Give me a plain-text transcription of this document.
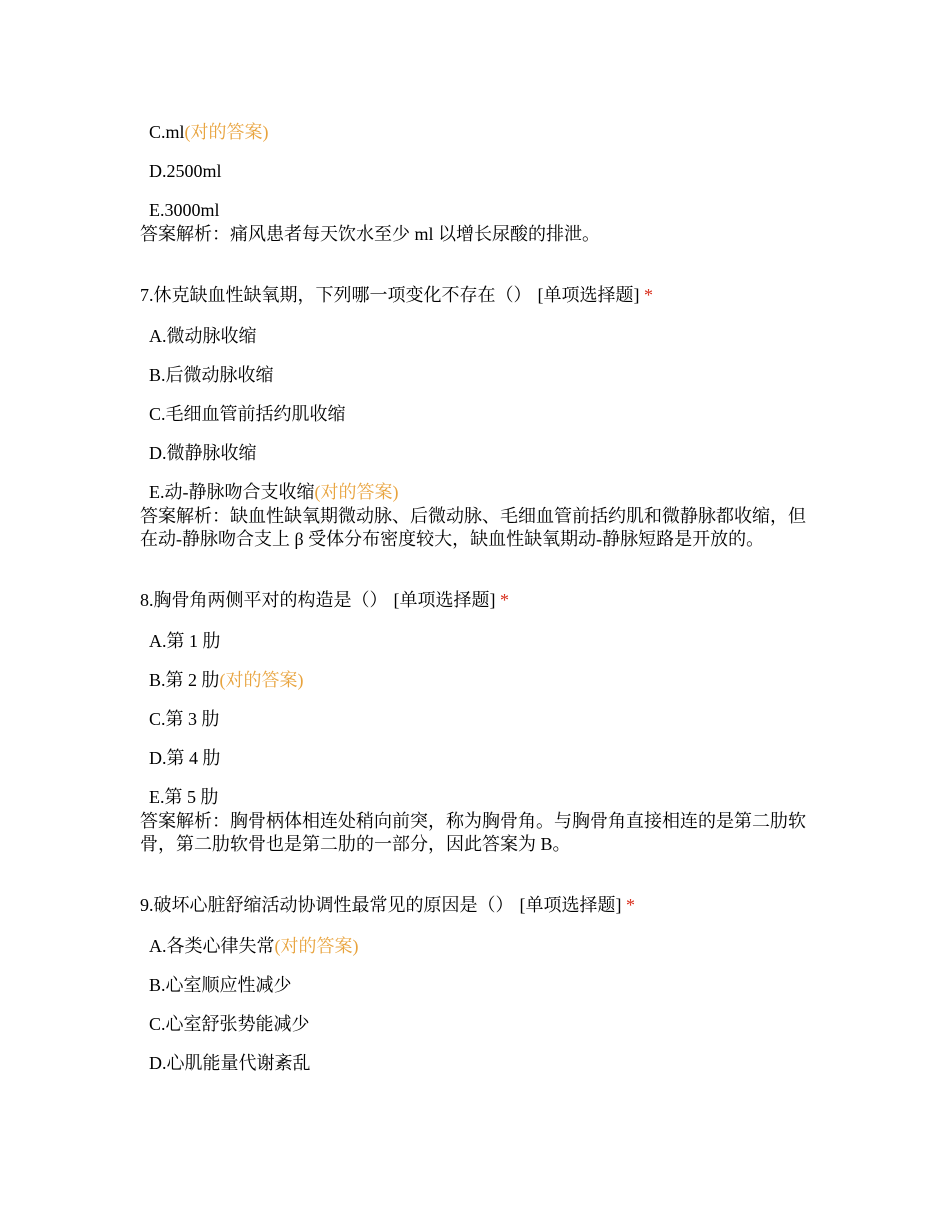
C.ml(对的答案)
D.2500ml
E.3000ml
答案解析：痛风患者每天饮水至少 ml 以增长尿酸的排泄。
7.休克缺血性缺氧期，下列哪一项变化不存在（） [单项选择题] *
A.微动脉收缩
B.后微动脉收缩
C.毛细血管前括约肌收缩
D.微静脉收缩
E.动-静脉吻合支收缩(对的答案)
答案解析：缺血性缺氧期微动脉、后微动脉、毛细血管前括约肌和微静脉都收缩，但在动-静脉吻合支上 β 受体分布密度较大，缺血性缺氧期动-静脉短路是开放的。
8.胸骨角两侧平对的构造是（） [单项选择题] *
A.第 1 肋
B.第 2 肋(对的答案)
C.第 3 肋
D.第 4 肋
E.第 5 肋
答案解析：胸骨柄体相连处稍向前突，称为胸骨角。与胸骨角直接相连的是第二肋软骨，第二肋软骨也是第二肋的一部分，因此答案为 B。
9.破坏心脏舒缩活动协调性最常见的原因是（） [单项选择题] *
A.各类心律失常(对的答案)
B.心室顺应性减少
C.心室舒张势能减少
D.心肌能量代谢紊乱
